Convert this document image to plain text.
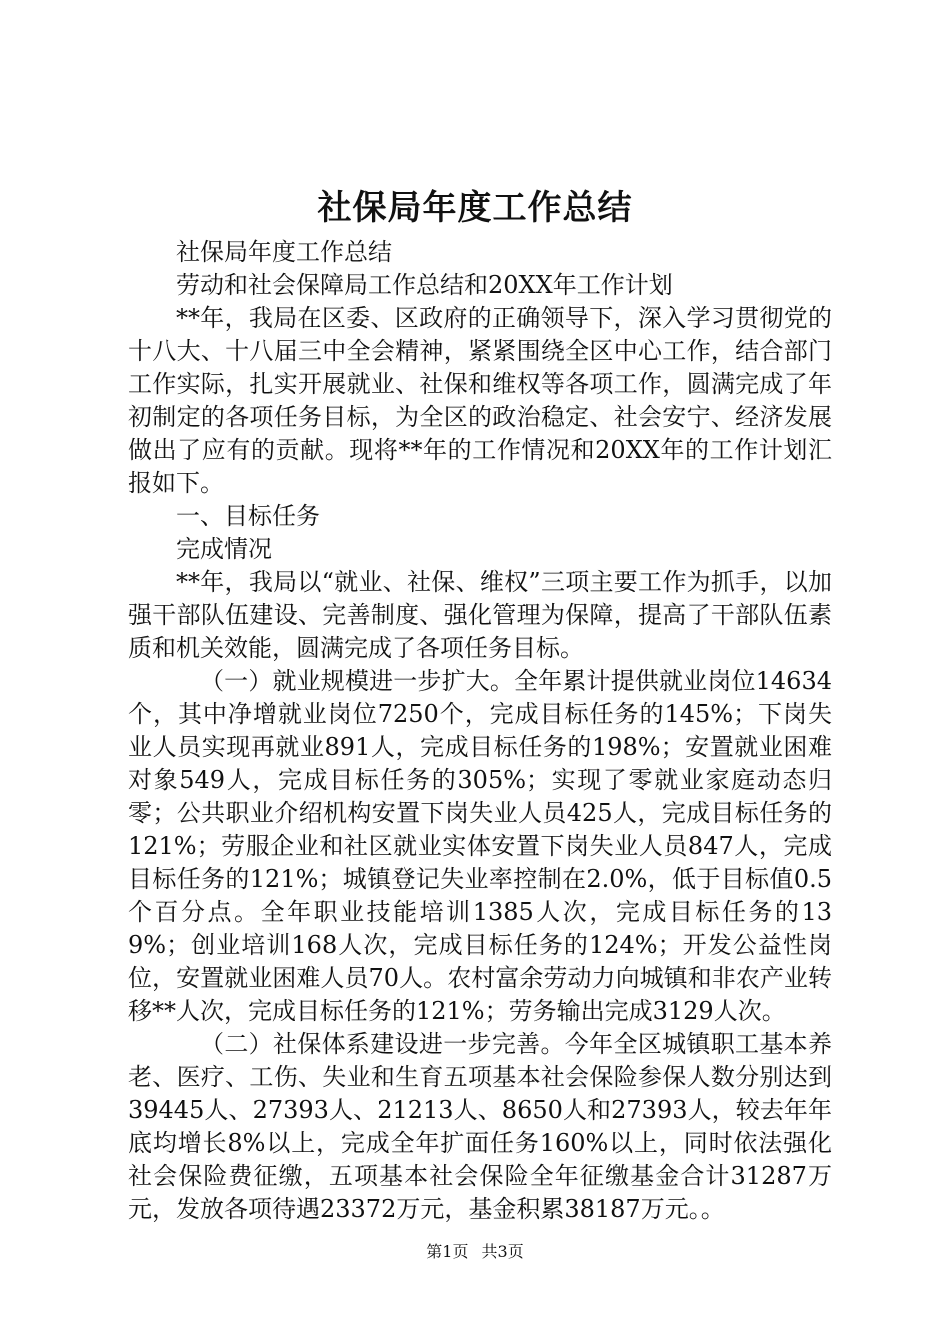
社保局年度工作总结

社保局年度工作总结

劳动和社会保障局工作总结和20XX年工作计划

**年，我局在区委、区政府的正确领导下，深入学习贯彻党的十八大、十八届三中全会精神，紧紧围绕全区中心工作，结合部门工作实际，扎实开展就业、社保和维权等各项工作，圆满完成了年初制定的各项任务目标，为全区的政治稳定、社会安宁、经济发展做出了应有的贡献。现将**年的工作情况和20XX年的工作计划汇报如下。

一、目标任务

完成情况

**年，我局以“就业、社保、维权”三项主要工作为抓手，以加强干部队伍建设、完善制度、强化管理为保障，提高了干部队伍素质和机关效能，圆满完成了各项任务目标。

（一）就业规模进一步扩大。全年累计提供就业岗位14634个，其中净增就业岗位7250个，完成目标任务的145%；下岗失业人员实现再就业891人，完成目标任务的198%；安置就业困难对象549人，完成目标任务的305%；实现了零就业家庭动态归零；公共职业介绍机构安置下岗失业人员425人，完成目标任务的121%；劳服企业和社区就业实体安置下岗失业人员847人，完成目标任务的121%；城镇登记失业率控制在2.0%，低于目标值0.5个百分点。全年职业技能培训1385人次，完成目标任务的139%；创业培训168人次，完成目标任务的124%；开发公益性岗位，安置就业困难人员70人。农村富余劳动力向城镇和非农产业转移**人次，完成目标任务的121%；劳务输出完成3129人次。

（二）社保体系建设进一步完善。今年全区城镇职工基本养老、医疗、工伤、失业和生育五项基本社会保险参保人数分别达到39445人、27393人、21213人、8650人和27393人，较去年年底均增长8%以上，完成全年扩面任务160%以上，同时依法强化社会保险费征缴，五项基本社会保险全年征缴基金合计31287万元，发放各项待遇23372万元，基金积累38187万元。。

第1页 共3页
